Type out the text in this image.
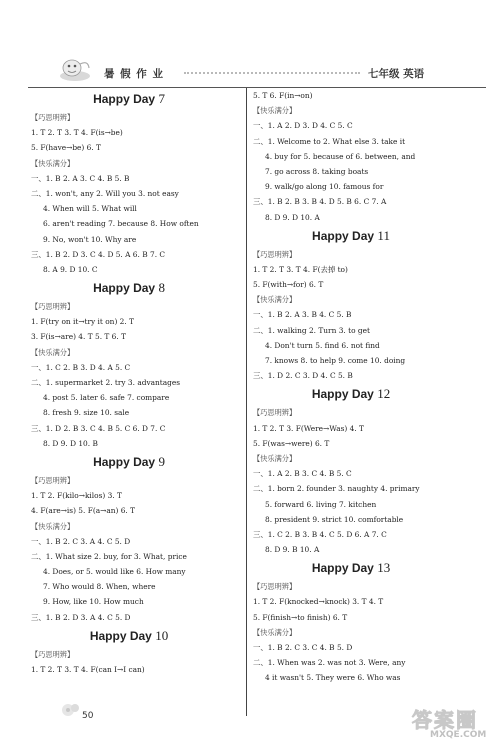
暑 假 作 业	七年级 英语
Happy Day 7
【巧思明辨】
1. T 2. T 3. T 4. F(is→be)
5. F(have→be) 6. T
【快乐满分】
一、1. B 2. A 3. C 4. B 5. B
二、1. won't, any 2. Will you 3. not easy
4. When will 5. What will
6. aren't reading 7. because 8. How often
9. No, won't 10. Why are
三、1. B 2. D 3. C 4. D 5. A 6. B 7. C
8. A 9. D 10. C
Happy Day 8
【巧思明辨】
1. F(try on it→try it on) 2. T
3. F(is→are) 4. T 5. T 6. T
【快乐满分】
一、1. C 2. B 3. D 4. A 5. C
二、1. supermarket 2. try 3. advantages
4. post 5. later 6. safe 7. compare
8. fresh 9. size 10. sale
三、1. D 2. B 3. C 4. B 5. C 6. D 7. C
8. D 9. D 10. B
Happy Day 9
【巧思明辨】
1. T 2. F(kilo→kilos) 3. T
4. F(are→is) 5. F(a→an) 6. T
【快乐满分】
一、1. B 2. C 3. A 4. C 5. D
二、1. What size 2. buy, for 3. What, price
4. Does, or 5. would like 6. How many
7. Who would 8. When, where
9. How, like 10. How much
三、1. B 2. D 3. A 4. C 5. D
Happy Day 10
【巧思明辨】
1. T 2. T 3. T 4. F(can I→I can)
5. T 6. F(in→on)
【快乐满分】
一、1. A 2. D 3. D 4. C 5. C
二、1. Welcome to 2. What else 3. take it
4. buy for 5. because of 6. between, and
7. go across 8. taking boats
9. walk/go along 10. famous for
三、1. B 2. B 3. B 4. D 5. B 6. C 7. A
8. D 9. D 10. A
Happy Day 11
【巧思明辨】
1. T 2. T 3. T 4. F(去掉 to)
5. F(with→for) 6. T
【快乐满分】
一、1. B 2. A 3. B 4. C 5. B
二、1. walking 2. Turn 3. to get
4. Don't turn 5. find 6. not find
7. knows 8. to help 9. come 10. doing
三、1. D 2. C 3. D 4. C 5. B
Happy Day 12
【巧思明辨】
1. T 2. T 3. F(Were→Was) 4. T
5. F(was→were) 6. T
【快乐满分】
一、1. A 2. B 3. C 4. B 5. C
二、1. born 2. founder 3. naughty 4. primary
5. forward 6. living 7. kitchen
8. president 9. strict 10. comfortable
三、1. C 2. B 3. B 4. C 5. D 6. A 7. C
8. D 9. B 10. A
Happy Day 13
【巧思明辨】
1. T 2. F(knocked→knock) 3. T 4. T
5. F(finish→to finish) 6. T
【快乐满分】
一、1. B 2. C 3. C 4. B 5. D
二、1. When was 2. was not 3. Were, any
4 it wasn't 5. They were 6. Who was
50	答案圈
MXQE.COM
